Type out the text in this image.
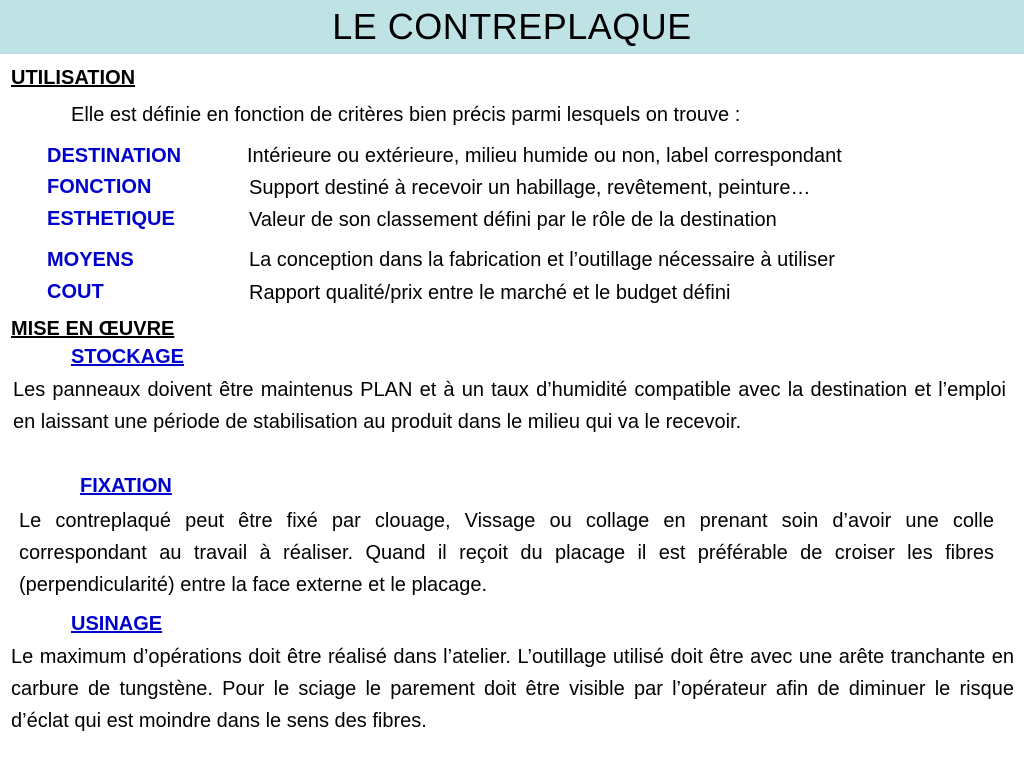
LE CONTREPLAQUE
UTILISATION
Elle est définie en fonction de critères bien précis parmi lesquels on trouve :
DESTINATION	Intérieure ou extérieure, milieu humide ou non, label correspondant
FONCTION	Support destiné à recevoir un habillage, revêtement, peinture…
ESTHETIQUE	Valeur de son classement défini par le rôle de la destination
MOYENS	La conception dans la fabrication et l’outillage nécessaire à utiliser
COUT	Rapport qualité/prix entre le marché et le budget défini
MISE EN ŒUVRE
STOCKAGE
Les panneaux doivent être maintenus PLAN et à un taux d’humidité compatible avec la destination et l’emploi en laissant une période de stabilisation au produit dans le milieu qui va le recevoir.
FIXATION
Le contreplaqué peut être fixé par clouage, Vissage ou collage en prenant soin d’avoir une colle correspondant au travail à réaliser. Quand il reçoit du placage il est préférable de croiser les fibres (perpendicularité) entre la face externe et le placage.
USINAGE
Le maximum d’opérations doit être réalisé dans l’atelier. L’outillage utilisé doit être avec une arête tranchante en carbure de tungstène. Pour le sciage le parement doit être visible par l’opérateur afin de diminuer le risque d’éclat qui est moindre dans le sens des fibres.
